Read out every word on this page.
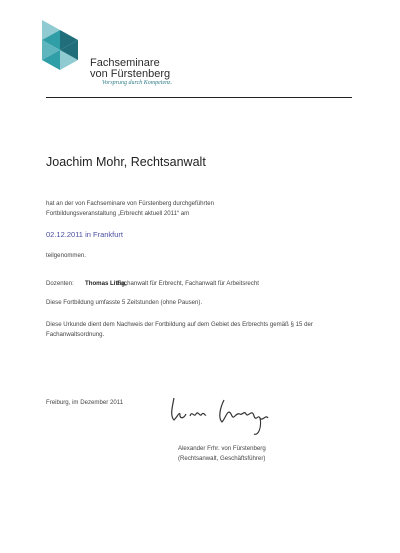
Fachseminare
von Fürstenberg
Vorsprung durch Kompetenz.
Joachim Mohr, Rechtsanwalt
hat an der von Fachseminare von Fürstenberg durchgeführten
Fortbildungsveranstaltung „Erbrecht aktuell 2011“ am
02.12.2011 in Frankfurt
teilgenommen.
Dozenten: Thomas Littig,
Fachanwalt für Erbrecht, Fachanwalt für Arbeitsrecht
Diese Fortbildung umfasste 5 Zeitstunden (ohne Pausen).
Diese Urkunde dient dem Nachweis der Fortbildung auf dem Gebiet des Erbrechts gemäß § 15 der
Fachanwaltsordnung.
Freiburg, im Dezember 2011
Alexander Frhr. von Fürstenberg
(Rechtsanwalt, Geschäftsführer)
